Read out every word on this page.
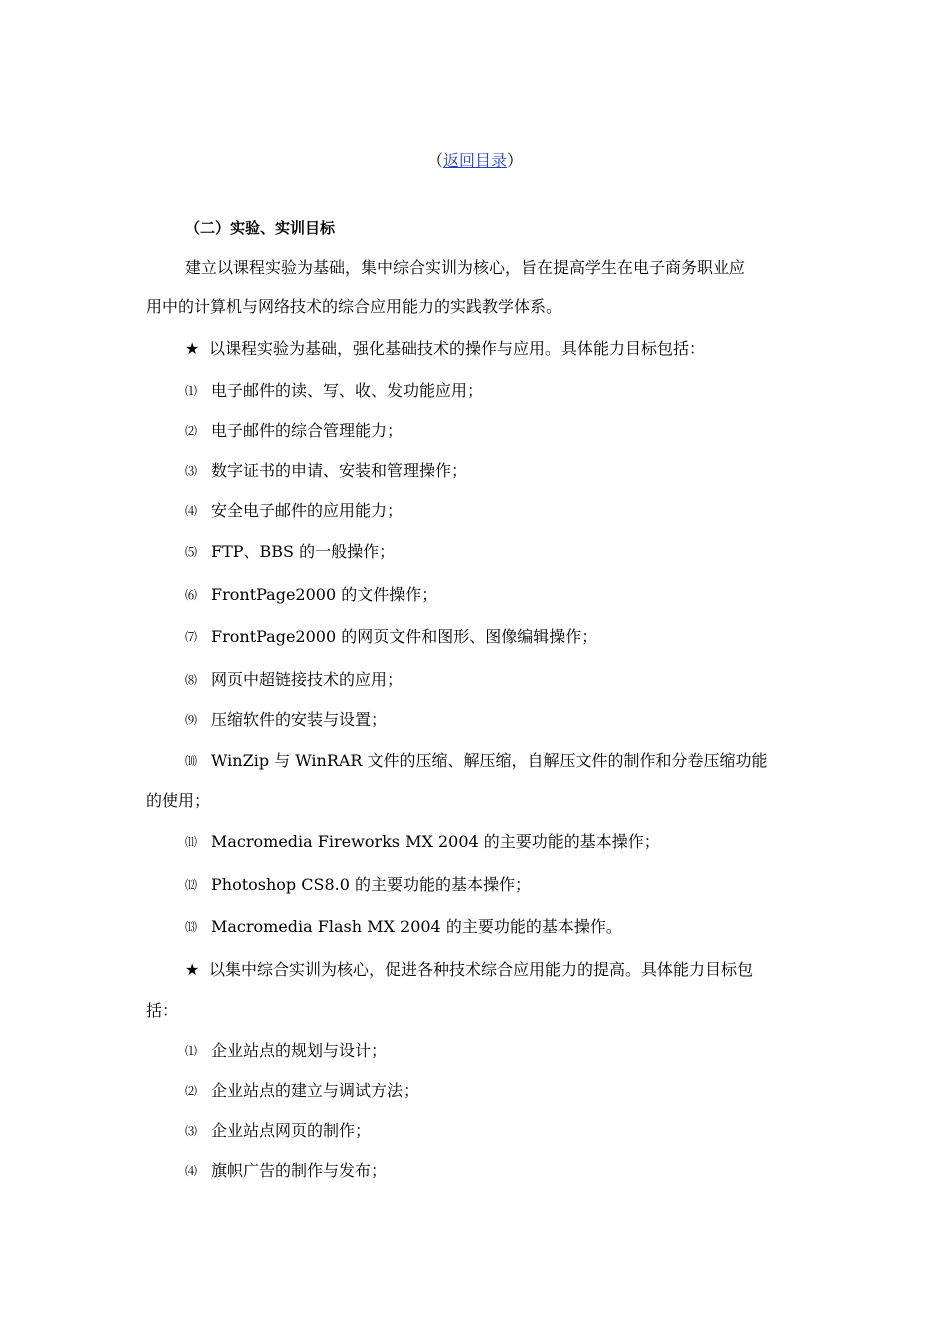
（返回目录）
（二）实验、实训目标
建立以课程实验为基础，集中综合实训为核心，旨在提高学生在电子商务职业应
用中的计算机与网络技术的综合应用能力的实践教学体系。
★ 以课程实验为基础，强化基础技术的操作与应用。具体能力目标包括：
⑴ 电子邮件的读、写、收、发功能应用；
⑵ 电子邮件的综合管理能力；
⑶ 数字证书的申请、安装和管理操作；
⑷ 安全电子邮件的应用能力；
⑸ FTP、BBS 的一般操作；
⑹ FrontPage2000 的文件操作；
⑺ FrontPage2000 的网页文件和图形、图像编辑操作；
⑻ 网页中超链接技术的应用；
⑼ 压缩软件的安装与设置；
⑽ WinZip 与 WinRAR 文件的压缩、解压缩，自解压文件的制作和分卷压缩功能
的使用；
⑾ Macromedia Fireworks MX 2004 的主要功能的基本操作；
⑿ Photoshop CS8.0 的主要功能的基本操作；
⒀ Macromedia Flash MX 2004 的主要功能的基本操作。
★ 以集中综合实训为核心，促进各种技术综合应用能力的提高。具体能力目标包
括：
⑴ 企业站点的规划与设计；
⑵ 企业站点的建立与调试方法；
⑶ 企业站点网页的制作；
⑷ 旗帜广告的制作与发布；
